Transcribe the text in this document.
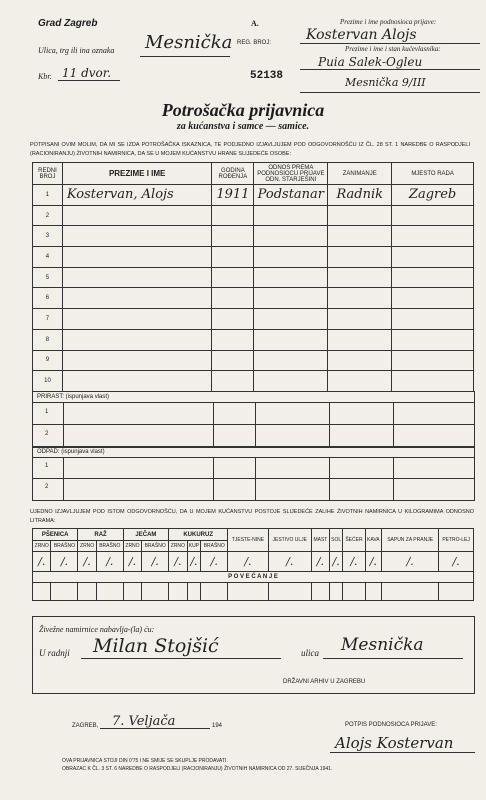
Grad Zagreb
Ulica, trg ili ina oznaka Mesnička
Kbr. 11 dvor.
A.
REG. BROJ:
52138
Prezime i ime podnosioca prijave:
Kostervan Alojs
Prezime i ime i stan kućevlasnika:
Puia Salek-Ogleu
Mesnička 9/III
Potrošačka prijavnica
za kućanstva i samce — samice.
POTPISANI OVIM MOLIM, DA MI SE IZDA POTROŠAČKA ISKAZNICA, TE PODJEDNO IZJAVLJUJEM POD ODGOVORNOŠĆU IZ ČL. 28 ST. 1 NAREDBE O RASPODJELI (RACIONIRANJU) ŽIVOTNIH NAMIRNICA, DA SE U MOJEM KUĆANSTVU HRANE SLIJEDEĆE OSOBE:
REDNI BROJ	PREZIME I IME	GODINA ROĐENJA	ODNOS PREMA PODNOSIOCU PRIJAVE ODN. STARJEŠINI	ZANIMANJE	MJESTO RADA
1	Kostervan, Alojs	1911	Podstanar	Radnik	Zagreb
2					
3					
4					
5					
6					
7					
8					
9					
10					
PRIRAST: (ispunjava vlast)
1
2
ODPAD: (ispunjava vlast)
1
2
UJEDNO IZJAVLJUJEM POD ISTOM ODGOVORNOŠĆU, DA U MOJEM KUĆANSTVU POSTOJE SLIJEDEĆE ZALIHE ŽIVOTNIH NAMIRNICA U KILOGRAMIMA ODNOSNO LITRAMA:
PŠENICA		RAŽ		JEČAM		KUKURUZ			TJESTE-NINE	JESTIVO ULJE	MAST	SOL	ŠEĆER	KAVA	SAPUN ZA PRANJE	PETRO-LEJ
ZRNO	BRAŠNO	ZRNO	BRAŠNO	ZRNO	BRAŠNO	ZRNO	KUP	BRAŠNO								
/.	/.	/.	/.	/.	/.	/.	/.	/.	/.	/.	/.	/.	/.	/.	/.	/.
P O V E Ć A N J E																

Živežne namirnice nabavlja-(la) ću:
U radnji Milan Stojšić	ulica Mesnička
DRŽAVNI ARHIV U ZAGREBU
ZAGREB, 7. Veljača	194	POTPIS PODNOSIOCA PRIJAVE:
Alojs Kostervan
OVA PRIJAVNICA STOJI DIN 0'75 I NE SMIJE SE SKUPLJE PRODAVATI.
OBRAZAC K ČL. 3 ST. 6 NAREDBE O RASPODJELI (RACIONIRANJU) ŽIVOTNIH NAMIRNICA OD 27. SIJEČNJA 1941.
